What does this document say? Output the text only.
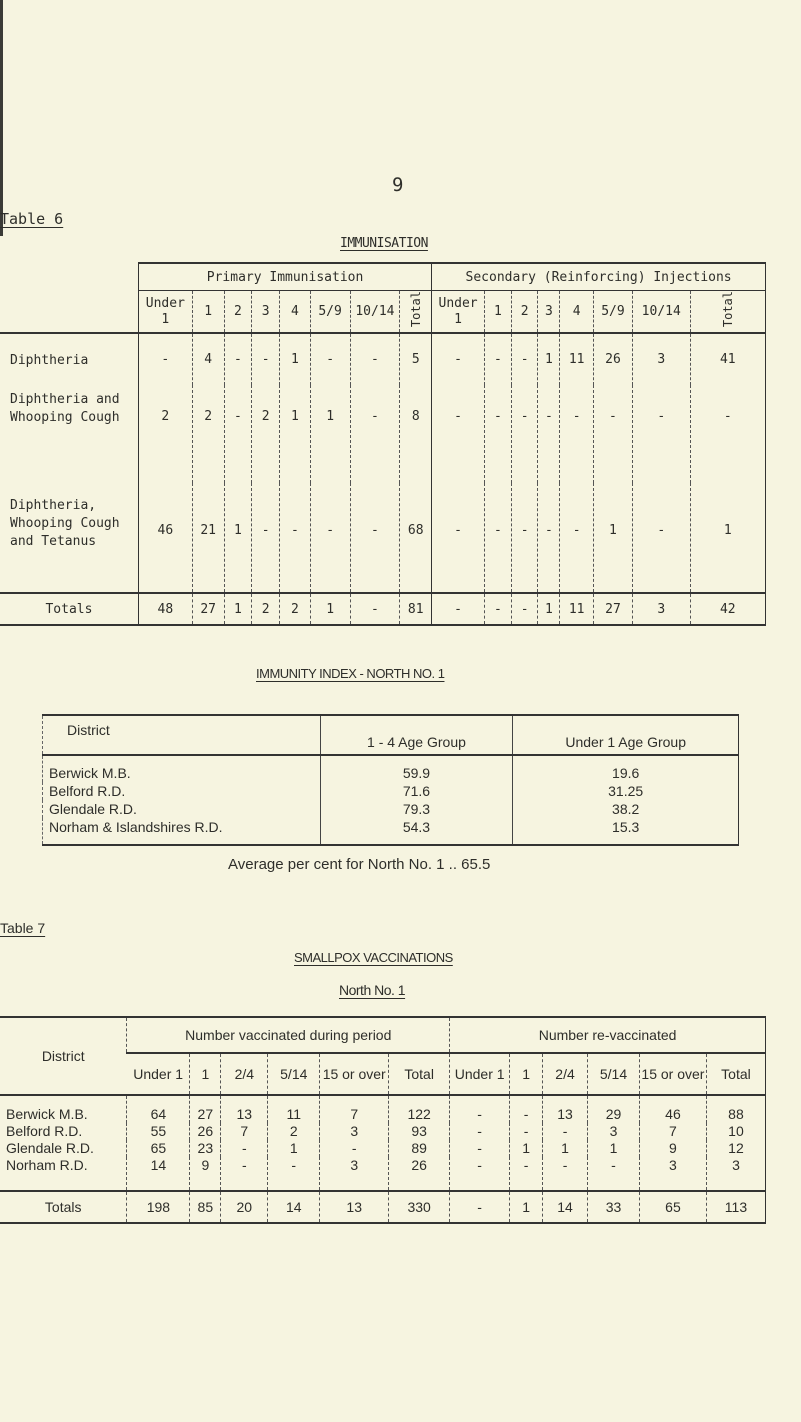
9
Table 6
IMMUNISATION
	Primary Immunisation								Secondary (Reinforcing) Injections							
	Under 1	1	2	3	4	5/9	10/14	Total	Under 1	1	2	3	4	5/9	10/14	Total
Diphtheria	-	4	-	-	1	-	-	5	-	-	-	1	11	26	3	41
Diphtheria and Whooping Cough	2	2	-	2	1	1	-	8	-	-	-	-	-	-	-	-
Diphtheria, Whooping Cough and Tetanus	46	21	1	-	-	-	-	68	-	-	-	-	-	1	-	1
Totals	48	27	1	2	2	1	-	81	-	-	-	1	11	27	3	42
IMMUNITY INDEX - NORTH NO. 1
District	1 - 4 Age Group	Under 1 Age Group
Berwick M.B.	59.9	19.6
Belford R.D.	71.6	31.25
Glendale R.D.	79.3	38.2
Norham & Islandshires R.D.	54.3	15.3
Average per cent for North No. 1 .. 65.5
Table 7
SMALLPOX VACCINATIONS
North No. 1
District	Number vaccinated during period						Number re-vaccinated					
	Under 1	1	2/4	5/14	15 or over	Total	Under 1	1	2/4	5/14	15 or over	Total
Berwick M.B.	64	27	13	11	7	122	-	-	13	29	46	88
Belford R.D.	55	26	7	2	3	93	-	-	-	3	7	10
Glendale R.D.	65	23	-	1	-	89	-	1	1	1	9	12
Norham R.D.	14	9	-	-	3	26	-	-	-	-	3	3
Totals	198	85	20	14	13	330	-	1	14	33	65	113
